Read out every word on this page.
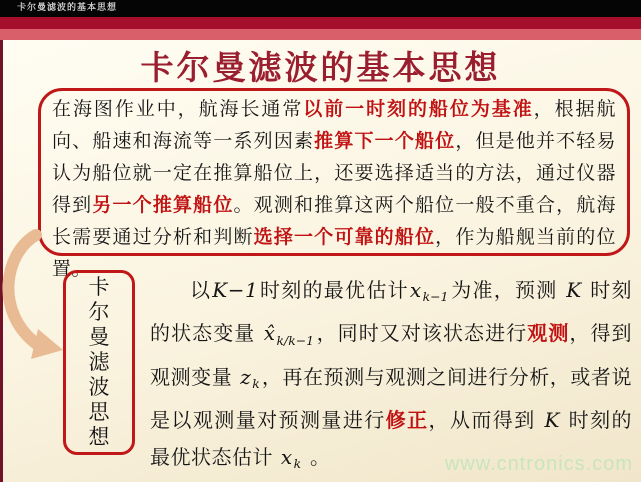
卡尔曼滤波的基本思想
卡尔曼滤波的基本思想
在海图作业中，航海长通常以前一时刻的船位为基准，根据航向、船速和海流等一系列因素推算下一个船位，但是他并不轻易认为船位就一定在推算船位上，还要选择适当的方法，通过仪器得到另一个推算船位。观测和推算这两个船位一般不重合，航海长需要通过分析和判断选择一个可靠的船位，作为船舰当前的位置。
卡
尔
曼
滤
波
思
想
以K−1时刻的最优估计$x_{k-1}$ 为准，预测 K 时刻的状态变量 $x̂_{k/k-1}$ ，同时又对该状态进行观测，得到观测变量 $z_k$ ，再在预测与观测之间进行分析，或者说是以观测量对预测量进行修正，从而得到 K 时刻的最优状态估计 $x_k$ 。	www.cntronics.com
